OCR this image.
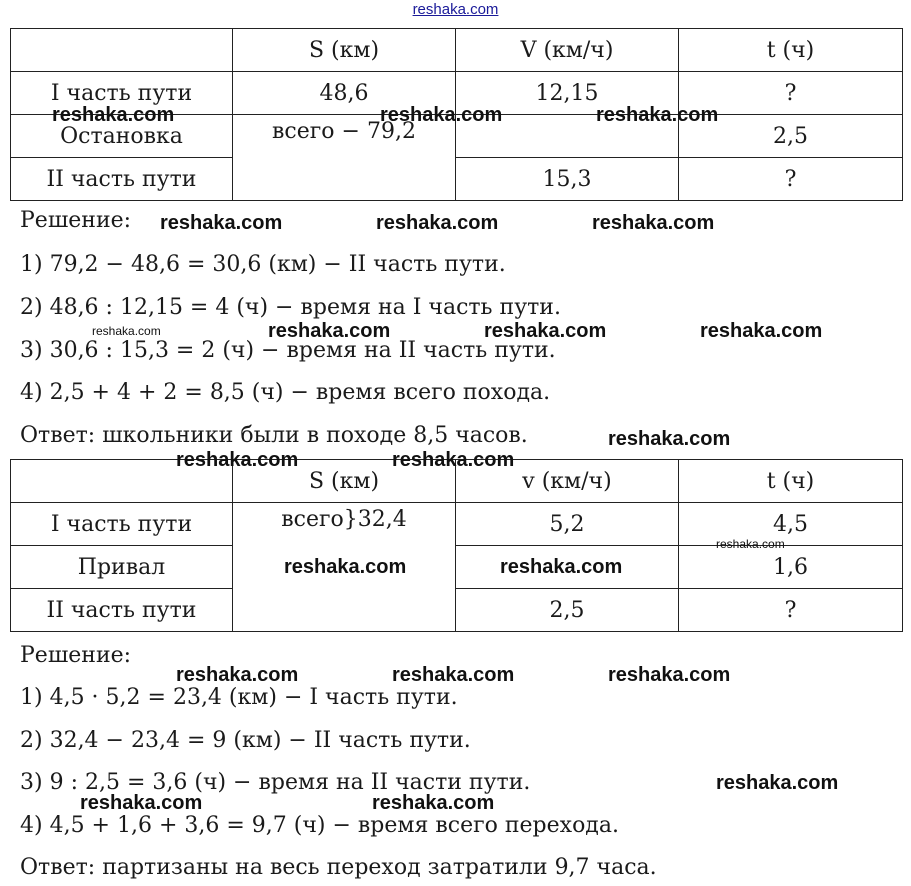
reshaka.com
	S (км)	V (км/ч)	t (ч)
I часть пути	48,6	12,15	?
Остановка	всего − 79,2		2,5
II часть пути		15,3	?
Решение:
1) 79,2 − 48,6 = 30,6 (км) − II часть пути.
2) 48,6 : 12,15 = 4 (ч) − время на I часть пути.
3) 30,6 : 15,3 = 2 (ч) − время на II часть пути.
4) 2,5 + 4 + 2 = 8,5 (ч) − время всего похода.
Ответ: школьники были в походе 8,5 часов.
	S (км)	v (км/ч)	t (ч)
I часть пути	всего}32,4	5,2	4,5
Привал			1,6
II часть пути		2,5	?
Решение:
1) 4,5 · 5,2 = 23,4 (км) − I часть пути.
2) 32,4 − 23,4 = 9 (км) − II часть пути.
3) 9 : 2,5 = 3,6 (ч) − время на II части пути.
4) 4,5 + 1,6 + 3,6 = 9,7 (ч) − время всего перехода.
Ответ: партизаны на весь переход затратили 9,7 часа.
reshaka.com	reshaka.com	reshaka.com
reshaka.com	reshaka.com	reshaka.com
reshaka.com	reshaka.com	reshaka.com	reshaka.com
reshaka.com
reshaka.com	reshaka.com
reshaka.com
reshaka.com	reshaka.com
reshaka.com	reshaka.com	reshaka.com
reshaka.com
reshaka.com	reshaka.com
